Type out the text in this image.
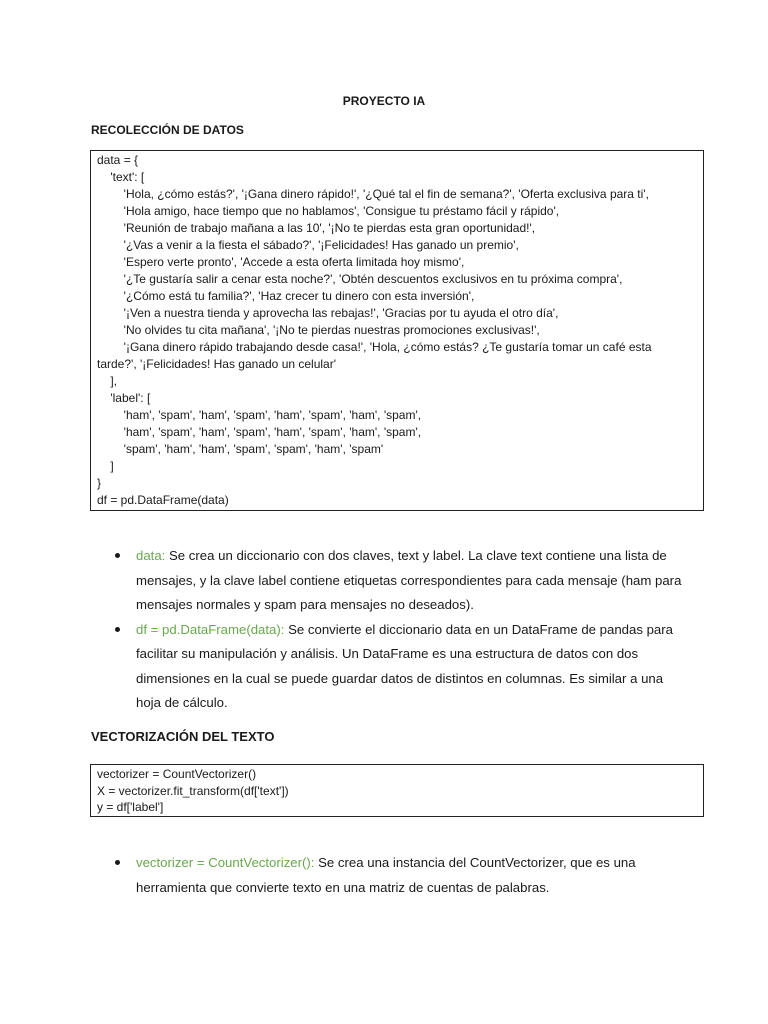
PROYECTO IA
RECOLECCIÓN DE DATOS
data = {
'text': [
'Hola, ¿cómo estás?', '¡Gana dinero rápido!', '¿Qué tal el fin de semana?', 'Oferta exclusiva para ti',
'Hola amigo, hace tiempo que no hablamos', 'Consigue tu préstamo fácil y rápido',
'Reunión de trabajo mañana a las 10', '¡No te pierdas esta gran oportunidad!',
'¿Vas a venir a la fiesta el sábado?', '¡Felicidades! Has ganado un premio',
'Espero verte pronto', 'Accede a esta oferta limitada hoy mismo',
'¿Te gustaría salir a cenar esta noche?', 'Obtén descuentos exclusivos en tu próxima compra',
'¿Cómo está tu familia?', 'Haz crecer tu dinero con esta inversión',
'¡Ven a nuestra tienda y aprovecha las rebajas!', 'Gracias por tu ayuda el otro día',
'No olvides tu cita mañana', '¡No te pierdas nuestras promociones exclusivas!',
'¡Gana dinero rápido trabajando desde casa!', 'Hola, ¿cómo estás? ¿Te gustaría tomar un café esta
tarde?', '¡Felicidades! Has ganado un celular'
],
'label': [
'ham', 'spam', 'ham', 'spam', 'ham', 'spam', 'ham', 'spam',
'ham', 'spam', 'ham', 'spam', 'ham', 'spam', 'ham', 'spam',
'spam', 'ham', 'ham', 'spam', 'spam', 'ham', 'spam'
]
}
df = pd.DataFrame(data)
data: Se crea un diccionario con dos claves, text y label. La clave text contiene una lista de mensajes, y la clave label contiene etiquetas correspondientes para cada mensaje (ham para mensajes normales y spam para mensajes no deseados).
df = pd.DataFrame(data): Se convierte el diccionario data en un DataFrame de pandas para facilitar su manipulación y análisis. Un DataFrame es una estructura de datos con dos dimensiones en la cual se puede guardar datos de distintos en columnas. Es similar a una hoja de cálculo.
VECTORIZACIÓN DEL TEXTO
vectorizer = CountVectorizer()
X = vectorizer.fit_transform(df['text'])
y = df['label']
vectorizer = CountVectorizer(): Se crea una instancia del CountVectorizer, que es una herramienta que convierte texto en una matriz de cuentas de palabras.
